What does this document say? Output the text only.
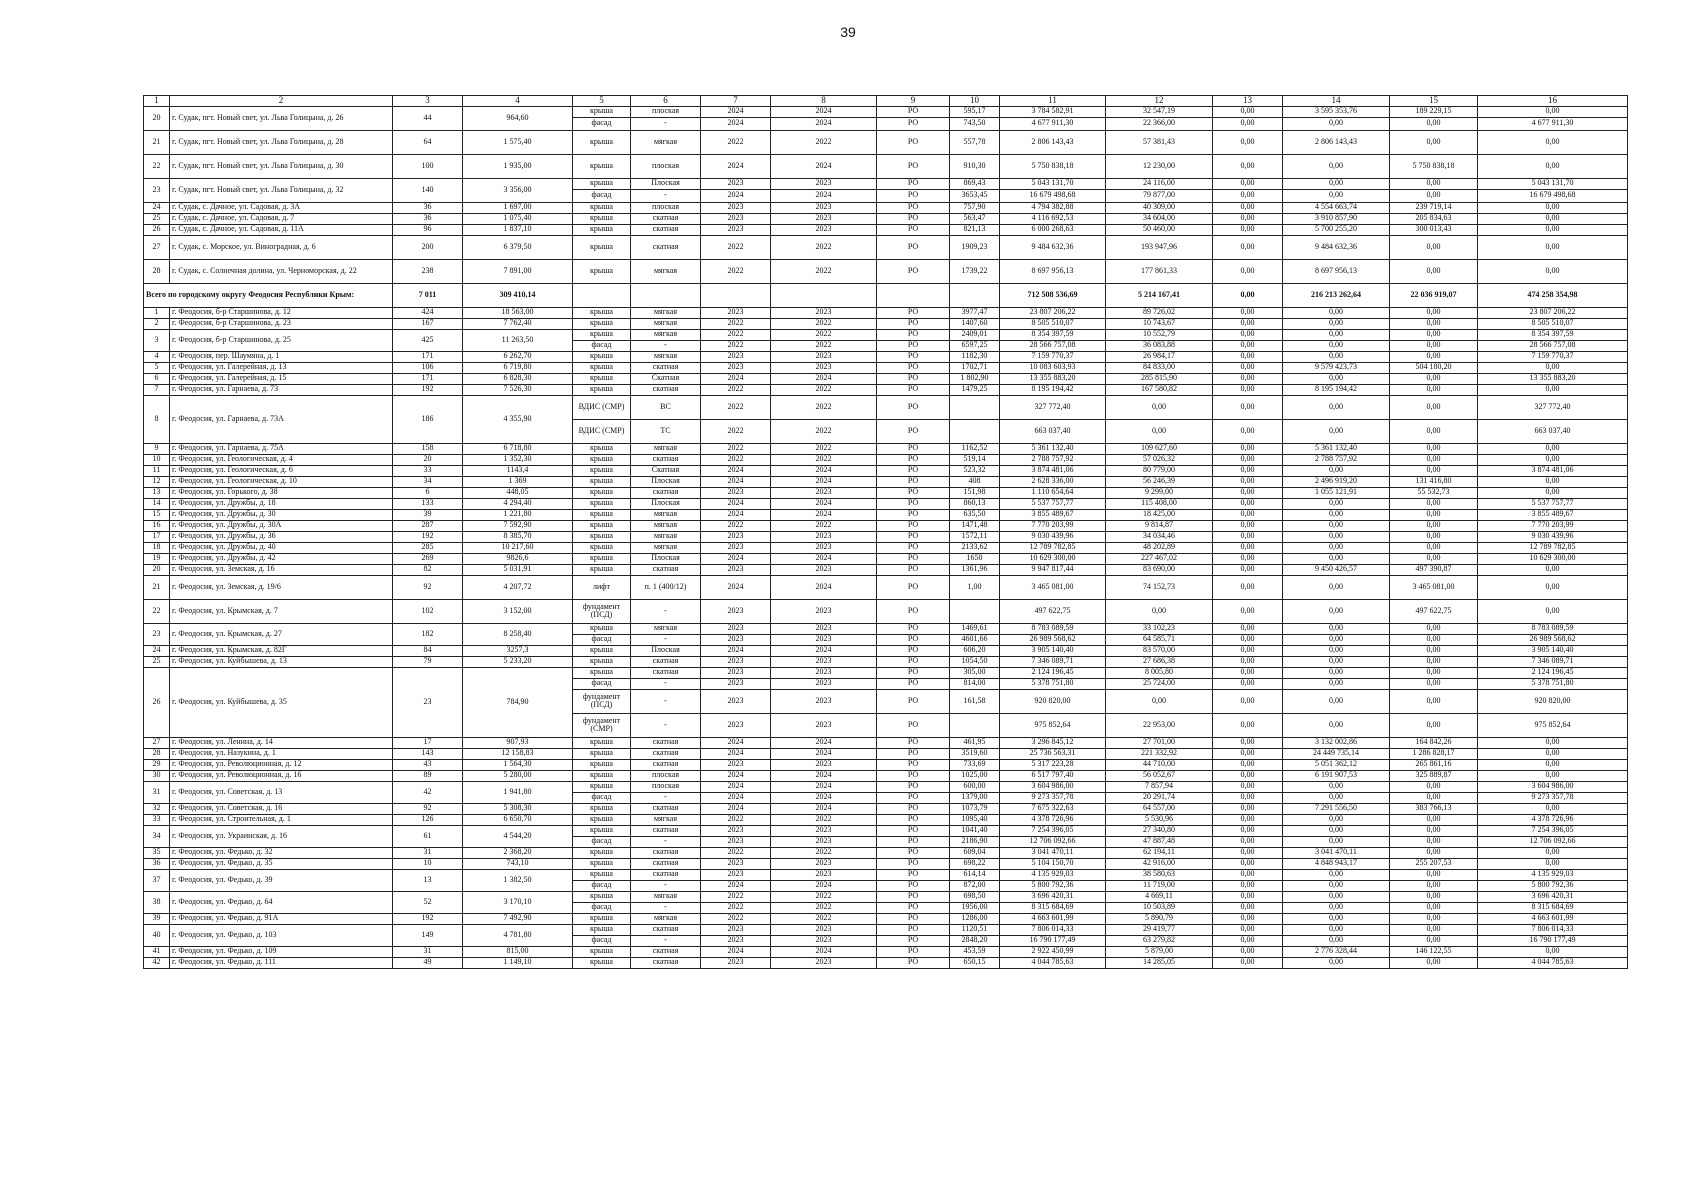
39
1	2	3	4	5	6	7	8	9	10	11	12	13	14	15	16
20	г. Судак, пгт. Новый свет, ул. Льва Голицына, д. 26	44	964,60	крыша	плоская	2024	2024	РО	595,17	3 784 582,91	32 547,19	0,00	3 595 353,76	189 229,15	0,00
				фасад	-	2024	2024	РО	743,50	4 677 911,30	22 366,00	0,00	0,00	0,00	4 677 911,30
21	г. Судак, пгт. Новый свет, ул. Льва Голицына, д. 28	64	1 575,40	крыша	мягкая	2022	2022	РО	557,78	2 806 143,43	57 381,43	0,00	2 806 143,43	0,00	0,00
22	г. Судак, пгт. Новый свет, ул. Льва Голицына, д. 30	100	1 935,00	крыша	плоская	2024	2024	РО	910,30	5 750 838,18	12 230,00	0,00	0,00	5 750 838,18	0,00
23	г. Судак, пгт. Новый свет, ул. Льва Голицына, д. 32	140	3 356,00	крыша	Плоская	2023	2023	РО	869,43	5 043 131,70	24 116,00	0,00	0,00	0,00	5 043 131,70
				фасад	-	2024	2024	РО	3653,45	16 679 498,68	79 877,00	0,00	0,00	0,00	16 679 498,68
24	г. Судак, с. Дачное, ул. Садовая, д. 3А	36	1 697,00	крыша	плоская	2023	2023	РО	757,90	4 794 382,88	40 309,00	0,00	4 554 663,74	239 719,14	0,00
25	г. Судак, с. Дачное, ул. Садовая, д. 7	36	1 075,40	крыша	скатная	2023	2023	РО	563,47	4 116 692,53	34 604,00	0,00	3 910 857,90	205 834,63	0,00
26	г. Судак, с. Дачное, ул. Садовая, д. 11А	96	1 837,10	крыша	скатная	2023	2023	РО	821,13	6 000 268,63	50 460,00	0,00	5 700 255,20	300 013,43	0,00
27	г. Судак, с. Морское, ул. Виноградная, д. 6	200	6 379,50	крыша	скатная	2022	2022	РО	1909,23	9 484 632,36	193 947,96	0,00	9 484 632,36	0,00	0,00
28	г. Судак, с. Солнечная долина, ул. Черноморская, д. 22	238	7 891,00	крыша	мягкая	2022	2022	РО	1739,22	8 697 956,13	177 861,33	0,00	8 697 956,13	0,00	0,00
Всего по городскому округу Феодосия Республики Крым:		7 011	309 410,14							712 508 536,69	5 214 167,41	0,00	216 213 262,64	22 036 919,07	474 258 354,98
1	г. Феодосия, б-р Старшинова, д. 12	424	18 563,00	крыша	мягкая	2023	2023	РО	3977,47	23 807 206,22	89 726,02	0,00	0,00	0,00	23 807 206,22
2	г. Феодосия, б-р Старшинова, д. 23	167	7 762,40	крыша	мягкая	2022	2022	РО	1407,60	8 505 510,07	10 743,67	0,00	0,00	0,00	8 505 510,07
3	г. Феодосия, б-р Старшинова, д. 25	425	11 263,50	крыша	мягкая	2022	2022	РО	2409,01	8 354 397,59	10 552,79	0,00	0,00	0,00	8 354 397,59
				фасад	-	2022	2022	РО	6597,25	28 566 757,08	36 083,88	0,00	0,00	0,00	28 566 757,08
4	г. Феодосия, пер. Шаумяна, д. 1	171	6 262,70	крыша	мягкая	2023	2023	РО	1182,30	7 159 770,37	26 984,17	0,00	0,00	0,00	7 159 770,37
5	г. Феодосия, ул. Галерейная, д. 13	106	6 719,80	крыша	скатная	2023	2023	РО	1702,71	10 083 603,93	84 833,00	0,00	9 579 423,73	504 180,20	0,00
6	г. Феодосия, ул. Галерейная, д. 15	171	6 828,30	крыша	Скатная	2024	2024	РО	1 802,90	13 355 883,20	285 815,90	0,00	0,00	0,00	13 355 883,20
7	г. Феодосия, ул. Гарнаева, д. 73	192	7 526,30	крыша	скатная	2022	2022	РО	1479,25	8 195 194,42	167 580,82	0,00	8 195 194,42	0,00	0,00
8	г. Феодосия, ул. Гарнаева, д. 73А	186	4 355,90	ВДИС (СМР)	ВС	2022	2022	РО		327 772,40	0,00	0,00	0,00	0,00	327 772,40
				ВДИС (СМР)	ТС	2022	2022	РО		663 037,40	0,00	0,00	0,00	0,00	663 037,40
9	г. Феодосия, ул. Гарнаева, д. 75А	158	6 718,80	крыша	мягкая	2022	2022	РО	1162,52	5 361 132,40	109 627,60	0,00	5 361 132,40	0,00	0,00
10	г. Феодосия, ул. Геологическая, д. 4	20	1 352,30	крыша	скатная	2022	2022	РО	519,14	2 788 757,92	57 026,32	0,00	2 788 757,92	0,00	0,00
11	г. Феодосия, ул. Геологическая, д. 6	33	1143,4	крыша	Скатная	2024	2024	РО	523,32	3 874 481,06	80 779,00	0,00	0,00	0,00	3 874 481,06
12	г. Феодосия, ул. Геологическая, д. 10	34	1 369	крыша	Плоская	2024	2024	РО	408	2 628 336,00	56 246,39	0,00	2 496 919,20	131 416,80	0,00
13	г. Феодосия, ул. Горького, д. 38	6	448,05	крыша	скатная	2023	2023	РО	151,98	1 110 654,64	9 299,00	0,00	1 055 121,91	55 532,73	0,00
14	г. Феодосия, ул. Дружбы, д. 18	133	4 294,40	крыша	Плоская	2024	2024	РО	860,13	5 537 757,77	115 408,00	0,00	0,00	0,00	5 537 757,77
15	г. Феодосия, ул. Дружбы, д. 30	39	1 221,80	крыша	мягкая	2024	2024	РО	635,50	3 855 489,67	18 425,00	0,00	0,00	0,00	3 855 489,67
16	г. Феодосия, ул. Дружбы, д. 30А	287	7 592,90	крыша	мягкая	2022	2022	РО	1471,48	7 770 203,99	9 814,87	0,00	0,00	0,00	7 770 203,99
17	г. Феодосия, ул. Дружбы, д. 36	192	8 385,70	крыша	мягкая	2023	2023	РО	1572,11	9 030 439,96	34 034,46	0,00	0,00	0,00	9 030 439,96
18	г. Феодосия, ул. Дружбы, д. 40	285	10 217,60	крыша	мягкая	2023	2023	РО	2133,62	12 789 782,85	48 202,89	0,00	0,00	0,00	12 789 782,85
19	г. Феодосия, ул. Дружбы, д. 42	269	9826,6	крыша	Плоская	2024	2024	РО	1650	10 629 300,00	227 467,02	0,00	0,00	0,00	10 629 300,00
20	г. Феодосия, ул. Земская, д. 16	82	5 031,91	крыша	скатная	2023	2023	РО	1361,96	9 947 817,44	83 690,00	0,00	9 450 426,57	497 390,87	0,00
21	г. Феодосия, ул. Земская, д. 19/6	92	4 207,72	лифт	п. 1 (400/12)	2024	2024	РО	1,00	3 465 081,00	74 152,73	0,00	0,00	3 465 081,00	0,00
22	г. Феодосия, ул. Крымская, д. 7	102	3 152,00	фундамент (ПСД)	-	2023	2023	РО		497 622,75	0,00	0,00	0,00	497 622,75	0,00
23	г. Феодосия, ул. Крымская, д. 27	182	8 258,40	крыша	мягкая	2023	2023	РО	1469,61	8 783 089,59	33 102,23	0,00	0,00	0,00	8 783 089,59
				фасад	-	2023	2023	РО	4601,66	26 989 568,62	64 585,71	0,00	0,00	0,00	26 989 568,62
24	г. Феодосия, ул. Крымская, д. 82Г	84	3257,3	крыша	Плоская	2024	2024	РО	606,20	3 905 140,40	83 570,00	0,00	0,00	0,00	3 905 140,40
25	г. Феодосия, ул. Куйбышева, д. 13	79	5 233,20	крыша	скатная	2023	2023	РО	1054,50	7 346 089,71	27 686,38	0,00	0,00	0,00	7 346 089,71
26	г. Феодосия, ул. Куйбышева, д. 35	23	784,90	крыша	скатная	2023	2023	РО	305,00	2 124 196,45	8 005,80	0,00	0,00	0,00	2 124 196,45
				фасад	-	2023	2023	РО	814,00	5 378 751,80	25 724,00	0,00	0,00	0,00	5 378 751,80
				фундамент (ПСД)	-	2023	2023	РО	161,58	920 820,00	0,00	0,00	0,00	0,00	920 820,00
				фундамент (СМР)	-	2023	2023	РО		975 852,64	22 953,00	0,00	0,00	0,00	975 852,64
27	г. Феодосия, ул. Ленина, д. 14	17	907,93	крыша	скатная	2024	2024	РО	461,95	3 296 845,12	27 701,00	0,00	3 132 002,86	164 842,26	0,00
28	г. Феодосия, ул. Назукина, д. 1	143	12 158,83	крыша	скатная	2024	2024	РО	3519,60	25 736 563,31	221 332,92	0,00	24 449 735,14	1 286 828,17	0,00
29	г. Феодосия, ул. Революционная, д. 12	43	1 564,30	крыша	скатная	2023	2023	РО	733,69	5 317 223,28	44 710,00	0,00	5 051 362,12	265 861,16	0,00
30	г. Феодосия, ул. Революционная, д. 16	89	5 280,00	крыша	плоская	2024	2024	РО	1025,00	6 517 797,40	56 052,67	0,00	6 191 907,53	325 889,87	0,00
31	г. Феодосия, ул. Советская, д. 13	42	1 941,80	крыша	плоская	2024	2024	РО	600,00	3 604 986,00	7 857,94	0,00	0,00	0,00	3 604 986,00
				фасад	-	2024	2024	РО	1379,00	9 273 357,78	20 291,74	0,00	0,00	0,00	9 273 357,78
32	г. Феодосия, ул. Советская, д. 16	92	5 308,30	крыша	скатная	2024	2024	РО	1073,79	7 675 322,63	64 557,00	0,00	7 291 556,50	383 766,13	0,00
33	г. Феодосия, ул. Строительная, д. 1	126	6 650,70	крыша	мягкая	2022	2022	РО	1095,40	4 378 726,96	5 530,96	0,00	0,00	0,00	4 378 726,96
34	г. Феодосия, ул. Украинская, д. 16	61	4 544,20	крыша	скатная	2023	2023	РО	1041,40	7 254 396,05	27 340,80	0,00	0,00	0,00	7 254 396,05
				фасад	-	2023	2023	РО	2186,90	12 706 092,66	47 887,48	0,00	0,00	0,00	12 706 092,66
35	г. Феодосия, ул. Федько, д. 32	31	2 368,20	крыша	скатная	2022	2022	РО	609,04	3 041 470,11	62 194,11	0,00	3 041 470,11	0,00	0,00
36	г. Феодосия, ул. Федько, д. 35	10	743,10	крыша	скатная	2023	2023	РО	698,22	5 104 150,70	42 916,00	0,00	4 848 943,17	255 207,53	0,00
37	г. Феодосия, ул. Федько, д. 39	13	1 382,50	крыша	скатная	2023	2023	РО	614,14	4 135 929,03	38 580,63	0,00	0,00	0,00	4 135 929,03
				фасад	-	2024	2024	РО	872,00	5 800 792,36	11 719,00	0,00	0,00	0,00	5 800 792,36
38	г. Феодосия, ул. Федько, д. 64	52	3 170,10	крыша	мягкая	2022	2022	РО	698,50	3 696 420,31	4 669,11	0,00	0,00	0,00	3 696 420,31
				фасад	-	2022	2022	РО	1956,00	8 315 684,69	10 503,89	0,00	0,00	0,00	8 315 684,69
39	г. Феодосия, ул. Федько, д. 91А	192	7 492,90	крыша	мягкая	2022	2022	РО	1286,00	4 663 601,99	5 890,79	0,00	0,00	0,00	4 663 601,99
40	г. Феодосия, ул. Федько, д. 103	149	4 781,80	крыша	скатная	2023	2023	РО	1120,51	7 806 014,33	29 419,77	0,00	0,00	0,00	7 806 014,33
				фасад	-	2023	2023	РО	2848,20	16 790 177,49	63 279,82	0,00	0,00	0,00	16 790 177,49
41	г. Феодосия, ул. Федько, д. 109	31	815,00	крыша	скатная	2024	2024	РО	453,59	2 922 450,99	5 879,00	0,00	2 776 328,44	146 122,55	0,00
42	г. Феодосия, ул. Федько, д. 111	49	1 149,10	крыша	скатная	2023	2023	РО	650,15	4 044 785,63	14 285,05	0,00	0,00	0,00	4 044 785,63
